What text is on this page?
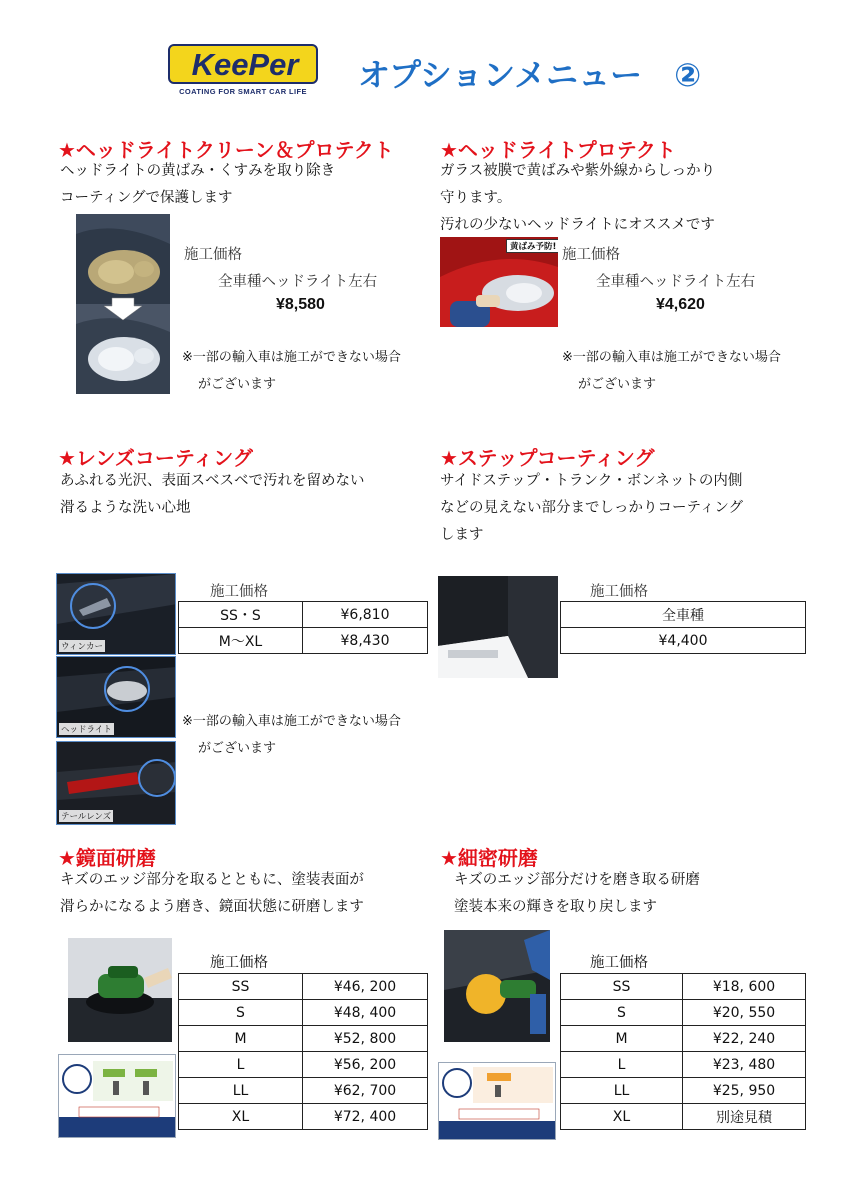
KeePer
COATING FOR SMART CAR LIFE	オプションメニュー　②
★ヘッドライトクリーン＆プロテクト
ヘッドライトの黄ばみ・くすみを取り除き
コーティングで保護します
施工価格
全車種ヘッドライト左右
¥8,580
※一部の輸入車は施工ができない場合
がございます
★ヘッドライトプロテクト
ガラス被膜で黄ばみや紫外線からしっかり
守ります。
汚れの少ないヘッドライトにオススメです
黄ばみ予防! 施工価格
全車種ヘッドライト左右
¥4,620
※一部の輸入車は施工ができない場合
がございます
★レンズコーティング
あふれる光沢、表面スベスベで汚れを留めない
滑るような洗い心地
ウィンカー
ヘッドライト
テールレンズ
施工価格
SS・S	¥6,810
M～XL	¥8,430
※一部の輸入車は施工ができない場合
がございます
★ステップコーティング
サイドステップ・トランク・ボンネットの内側
などの見えない部分までしっかりコーティング
します
施工価格
全車種
¥4,400
★鏡面研磨
キズのエッジ部分を取るとともに、塗装表面が
滑らかになるよう磨き、鏡面状態に研磨します
施工価格
SS	¥46, 200
S	¥48, 400
M	¥52, 800
L	¥56, 200
LL	¥62, 700
XL	¥72, 400
★細密研磨
キズのエッジ部分だけを磨き取る研磨
塗装本来の輝きを取り戻します
施工価格
SS	¥18, 600
S	¥20, 550
M	¥22, 240
L	¥23, 480
LL	¥25, 950
XL	別途見積
